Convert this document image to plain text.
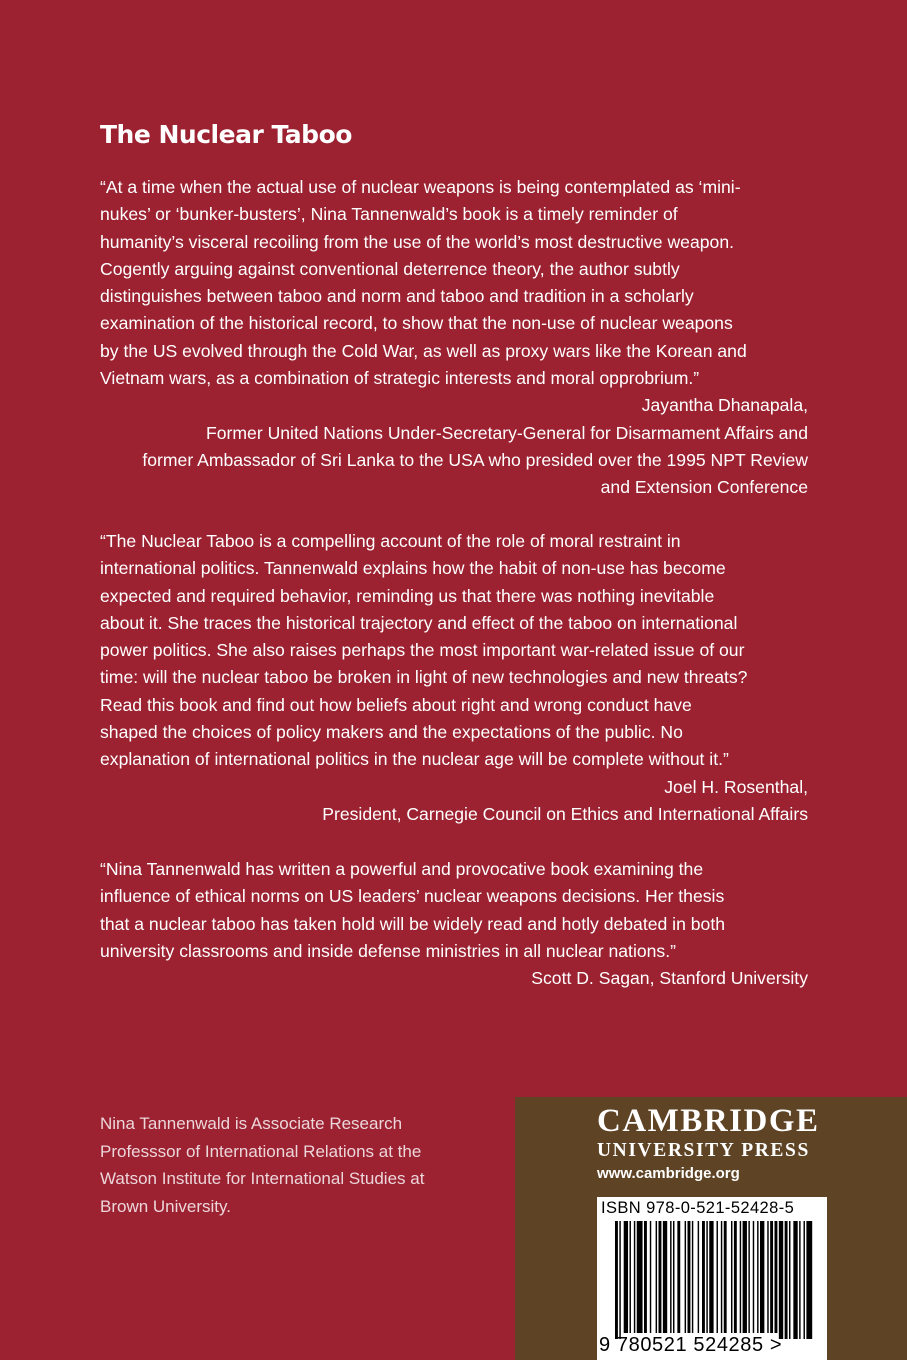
The Nuclear Taboo

“At a time when the actual use of nuclear weapons is being contemplated as ‘mini-

nukes’ or ‘bunker-busters’, Nina Tannenwald’s book is a timely reminder of

humanity’s visceral recoiling from the use of the world’s most destructive weapon.

Cogently arguing against conventional deterrence theory, the author subtly

distinguishes between taboo and norm and taboo and tradition in a scholarly

examination of the historical record, to show that the non-use of nuclear weapons

by the US evolved through the Cold War, as well as proxy wars like the Korean and

Vietnam wars, as a combination of strategic interests and moral opprobrium.”

Jayantha Dhanapala,

Former United Nations Under-Secretary-General for Disarmament Affairs and

former Ambassador of Sri Lanka to the USA who presided over the 1995 NPT Review

and Extension Conference

“The Nuclear Taboo is a compelling account of the role of moral restraint in

international politics. Tannenwald explains how the habit of non-use has become

expected and required behavior, reminding us that there was nothing inevitable

about it. She traces the historical trajectory and effect of the taboo on international

power politics. She also raises perhaps the most important war-related issue of our

time: will the nuclear taboo be broken in light of new technologies and new threats?

Read this book and find out how beliefs about right and wrong conduct have

shaped the choices of policy makers and the expectations of the public. No

explanation of international politics in the nuclear age will be complete without it.”

Joel H. Rosenthal,

President, Carnegie Council on Ethics and International Affairs

“Nina Tannenwald has written a powerful and provocative book examining the

influence of ethical norms on US leaders’ nuclear weapons decisions. Her thesis

that a nuclear taboo has taken hold will be widely read and hotly debated in both

university classrooms and inside defense ministries in all nuclear nations.”

Scott D. Sagan, Stanford University

Nina Tannenwald is Associate Research
Professsor of International Relations at the
Watson Institute for International Studies at
Brown University.
CAMBRIDGE
UNIVERSITY PRESS
www.cambridge.org
ISBN 978-0-521-52428-5
9 780521 524285 >
